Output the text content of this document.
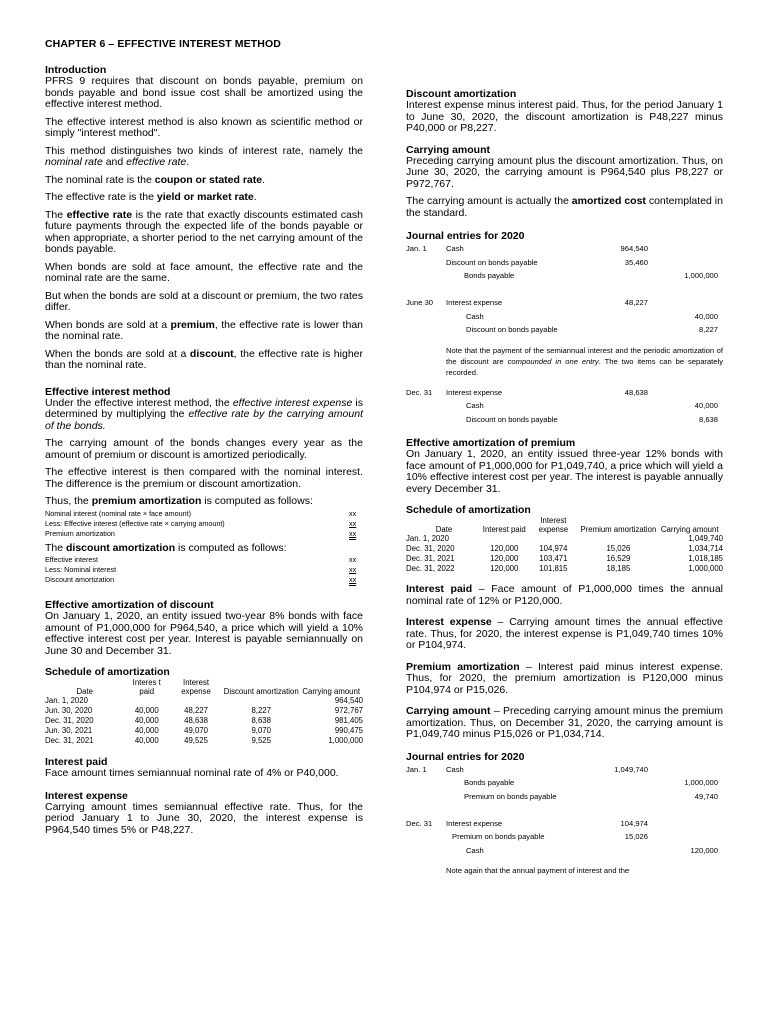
CHAPTER 6 – EFFECTIVE INTEREST METHOD
Introduction

PFRS 9 requires that discount on bonds payable, premium on bonds payable and bond issue cost shall be amortized using the effective interest method.

The effective interest method is also known as scientific method or simply "interest method".

This method distinguishes two kinds of interest rate, namely the nominal rate and effective rate.

The nominal rate is the coupon or stated rate.

The effective rate is the yield or market rate.

The effective rate is the rate that exactly discounts estimated cash future payments through the expected life of the bonds payable or when appropriate, a shorter period to the net carrying amount of the bonds payable.

When bonds are sold at face amount, the effective rate and the nominal rate are the same.

But when the bonds are sold at a discount or premium, the two rates differ.

When bonds are sold at a premium, the effective rate is lower than the nominal rate.

When the bonds are sold at a discount, the effective rate is higher than the nominal rate.

Effective interest method

Under the effective interest method, the effective interest expense is determined by multiplying the effective rate by the carrying amount of the bonds.

The carrying amount of the bonds changes every year as the amount of premium or discount is amortized periodically.

The effective interest is then compared with the nominal interest. The difference is the premium or discount amortization.

Thus, the premium amortization is computed as follows:

Nominal interest (nominal rate × face amount)	xx
Less: Effective interest (effective rate × carrying amount)	xx
Premium amortization	xx

The discount amortization is computed as follows:

Effective interest	xx
Less: Nominal interest	xx
Discount amortization	xx
Effective amortization of discount

On January 1, 2020, an entity issued two-year 8% bonds with face amount of P1,000,000 for P964,540, a price which will yield a 10% effective interest cost per year. Interest is payable semiannually on June 30 and December 31.

Schedule of amortization
Date	Interes t paid	Interest expense	Discount amortization	Carrying amount
Jan. 1, 2020				964,540
Jun. 30, 2020	40,000	48,227	8,227	972,767
Dec. 31, 2020	40,000	48,638	8,638	981,405
Jun. 30, 2021	40,000	49,070	9,070	990,475
Dec. 31, 2021	40,000	49,525	9,525	1,000,000
Interest paid

Face amount times semiannual nominal rate of 4% or P40,000.

Interest expense

Carrying amount times semiannual effective rate. Thus, for the period January 1 to June 30, 2020, the interest expense is P964,540 times 5% or P48,227.

Discount amortization

Interest expense minus interest paid. Thus, for the period January 1 to June 30, 2020, the discount amortization is P48,227 minus P40,000 or P8,227.

Carrying amount

Preceding carrying amount plus the discount amortization. Thus, on June 30, 2020, the carrying amount is P964,540 plus P8,227 or P972,767.

The carrying amount is actually the amortized cost contemplated in the standard.

Journal entries for 2020
Jan. 1	Cash	964,540
Discount on bonds payable	35,460
Bonds payable	1,000,000
June 30 Interest expense	48,227
Cash	40,000
Discount on bonds payable	8,227
Note that the payment of the semiannual interest and the periodic amortization of the discount are compounded in one entry. The two items can be separately recorded.
Dec. 31 Interest expense	48,638
Cash	40,000
Discount on bonds payable	8,638
Effective amortization of premium

On January 1, 2020, an entity issued three-year 12% bonds with face amount of P1,000,000 for P1,049,740, a price which will yield a 10% effective interest cost per year. The interest is payable annually every December 31.

Schedule of amortization
Date	Interest paid	Interest expense	Premium amortization	Carrying amount
Jan. 1, 2020				1,049,740
Dec. 31, 2020	120,000	104,974	15,026	1,034,714
Dec. 31, 2021	120,000	103,471	16,529	1,018,185
Dec. 31, 2022	120,000	101,815	18,185	1,000,000

Interest paid – Face amount of P1,000,000 times the annual nominal rate of 12% or P120,000.

Interest expense – Carrying amount times the annual effective rate. Thus, for 2020, the interest expense is P1,049,740 times 10% or P104,974.

Premium amortization – Interest paid minus interest expense. Thus, for 2020, the premium amortization is P120,000 minus P104,974 or P15,026.

Carrying amount – Preceding carrying amount minus the premium amortization. Thus, on December 31, 2020, the carrying amount is P1,049,740 minus P15,026 or P1,034,714.

Journal entries for 2020
Jan. 1	Cash	1,049,740
Bonds payable	1,000,000
Premium on bonds payable	49,740
Dec. 31 Interest expense	104,974
Premium on bonds payable	15,026
Cash	120,000
Note again that the annual payment of interest and the
